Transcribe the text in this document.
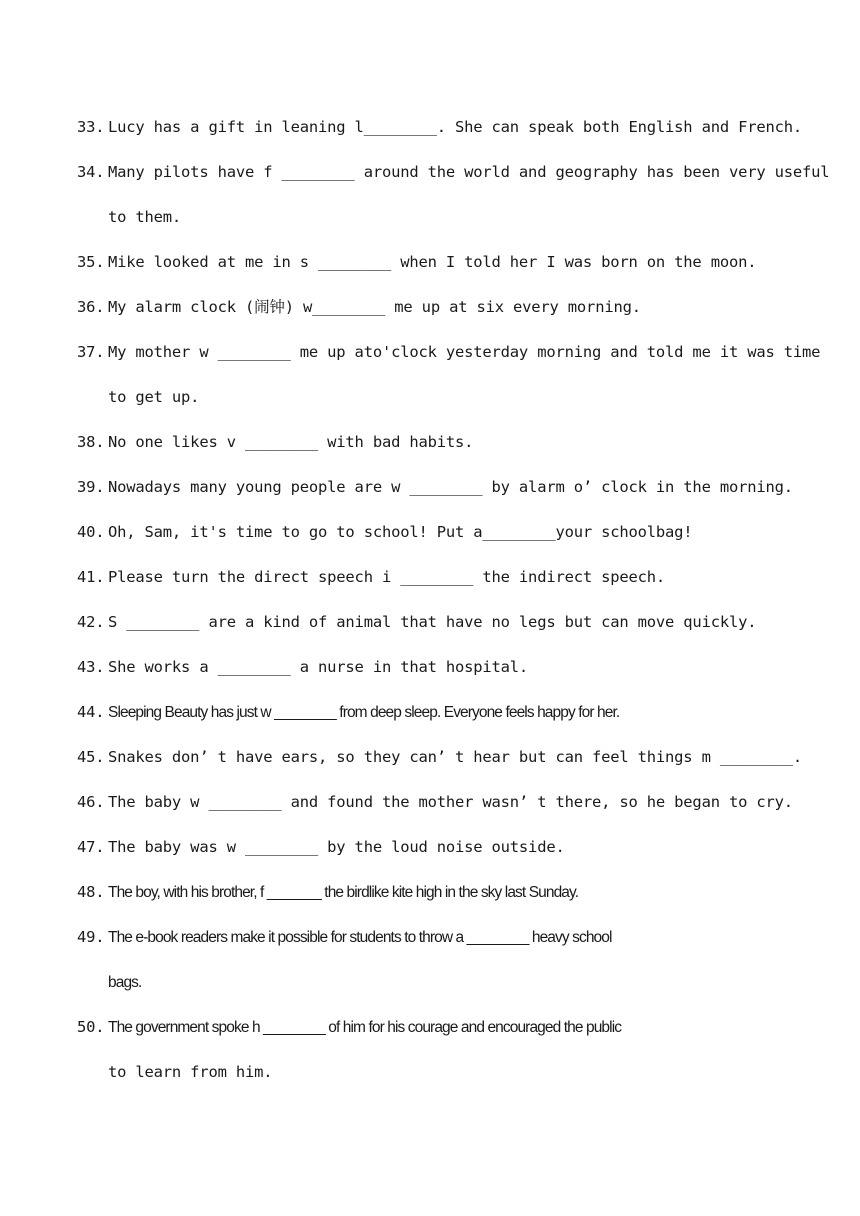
33. Lucy has a gift in leaning l________. She can speak both English and French.
34. Many pilots have f ________ around the world and geography has been very useful
to them.
35. Mike looked at me in s ________ when I told her I was born on the moon.
36. My alarm clock (闹钟) w________ me up at six every morning.
37. My mother w ________ me up ato'clock yesterday morning and told me it was time
to get up.
38. No one likes v ________ with bad habits.
39. Nowadays many young people are w ________ by alarm o’ clock in the morning.
40. Oh, Sam, it's time to go to school! Put a________your schoolbag!
41. Please turn the direct speech i ________ the indirect speech.
42. S ________ are a kind of animal that have no legs but can move quickly.
43. She works a ________ a nurse in that hospital.
44. Sleeping Beauty has just w ________ from deep sleep. Everyone feels happy for her.
45. Snakes don’ t have ears, so they can’ t hear but can feel things m ________.
46. The baby w ________ and found the mother wasn’ t there, so he began to cry.
47. The baby was w ________ by the loud noise outside.
48. The boy, with his brother, f _______ the birdlike kite high in the sky last Sunday.
49. The e-book readers make it possible for students to throw a ________ heavy school
bags.
50. The government spoke h ________ of him for his courage and encouraged the public
to learn from him.
